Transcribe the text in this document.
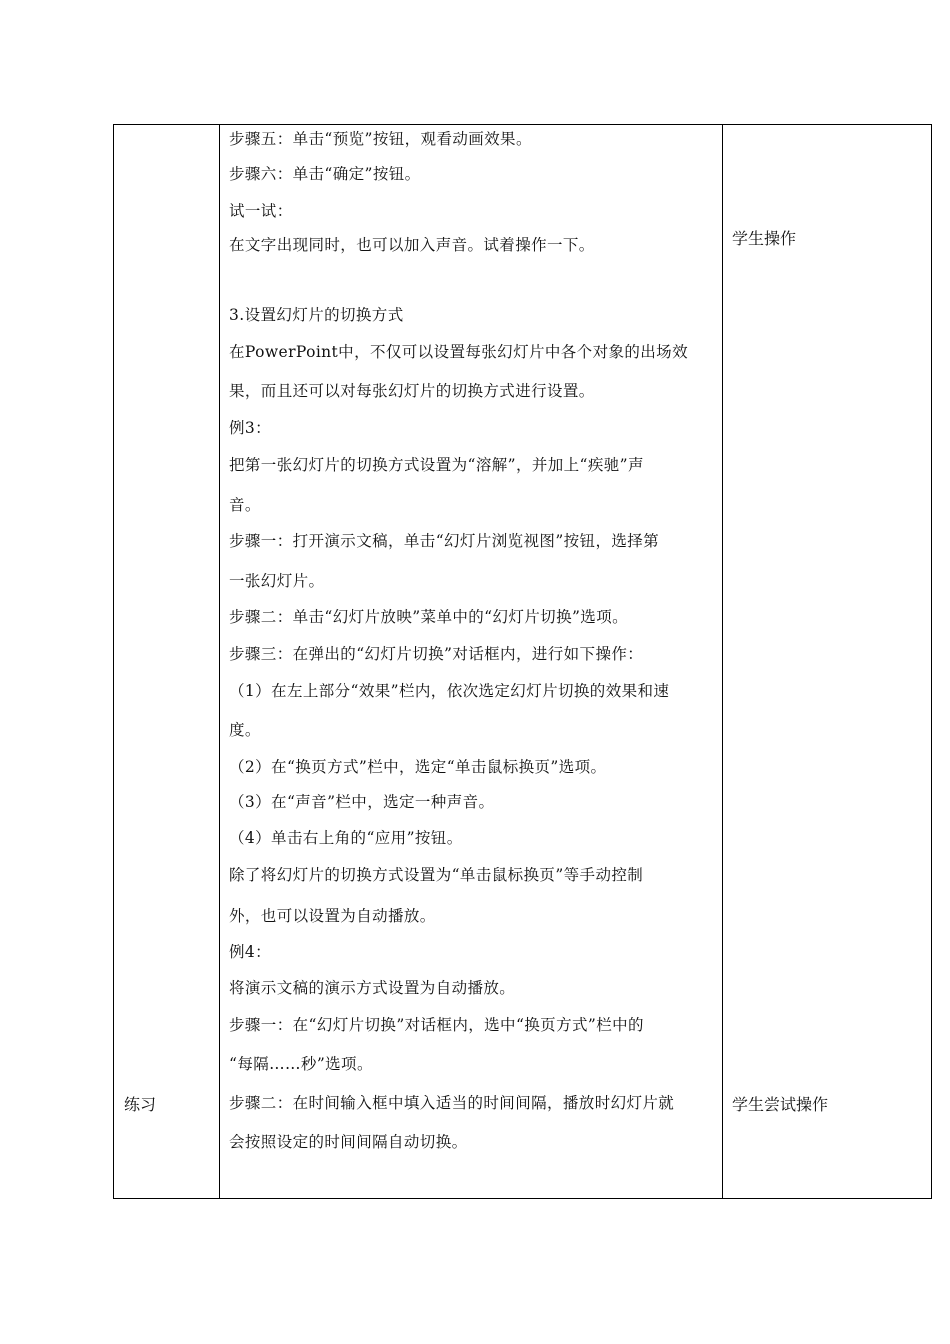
练习
学生操作
学生尝试操作
步骤五：单击“预览”按钮，观看动画效果。
步骤六：单击“确定”按钮。
试一试：
在文字出现同时，也可以加入声音。试着操作一下。
3.设置幻灯片的切换方式
在PowerPoint中，不仅可以设置每张幻灯片中各个对象的出场效
果，而且还可以对每张幻灯片的切换方式进行设置。
例3：
把第一张幻灯片的切换方式设置为“溶解”，并加上“疾驰”声
音。
步骤一：打开演示文稿，单击“幻灯片浏览视图”按钮，选择第
一张幻灯片。
步骤二：单击“幻灯片放映”菜单中的“幻灯片切换”选项。
步骤三：在弹出的“幻灯片切换”对话框内，进行如下操作：
（1）在左上部分“效果”栏内，依次选定幻灯片切换的效果和速
度。
（2）在“换页方式”栏中，选定“单击鼠标换页”选项。
（3）在“声音”栏中，选定一种声音。
（4）单击右上角的“应用”按钮。
除了将幻灯片的切换方式设置为“单击鼠标换页”等手动控制
外，也可以设置为自动播放。
例4：
将演示文稿的演示方式设置为自动播放。
步骤一：在“幻灯片切换”对话框内，选中“换页方式”栏中的
“每隔……秒”选项。
步骤二：在时间输入框中填入适当的时间间隔，播放时幻灯片就
会按照设定的时间间隔自动切换。
